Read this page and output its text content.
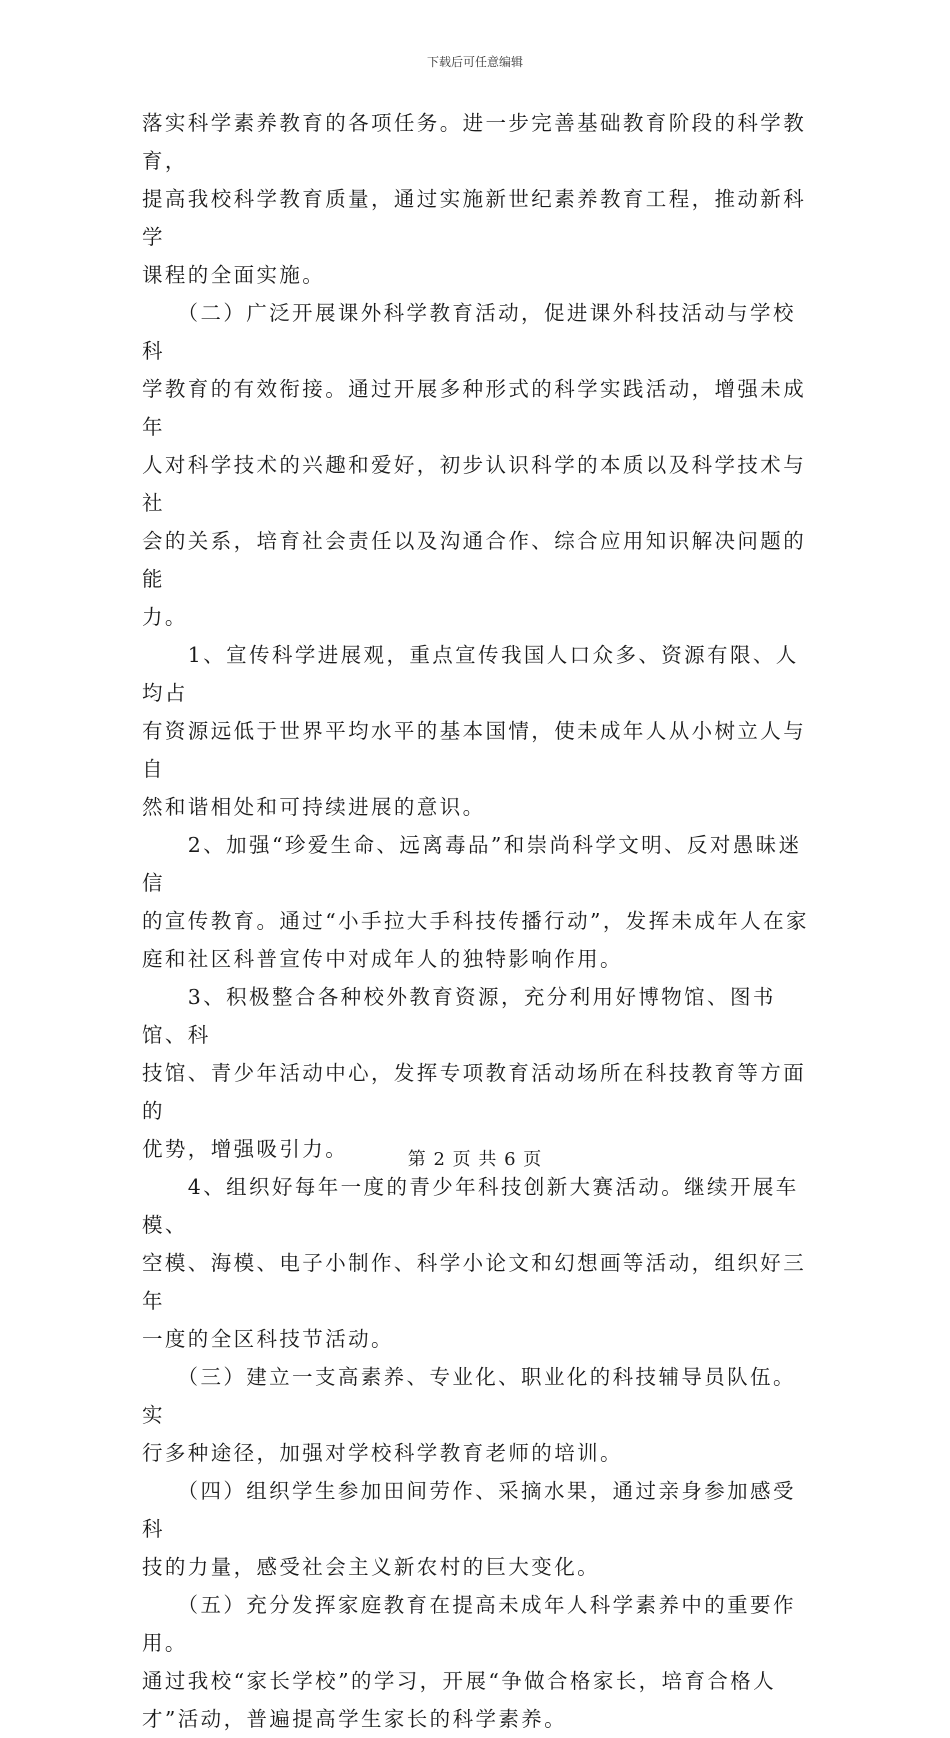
下载后可任意编辑

落实科学素养教育的各项任务。进一步完善基础教育阶段的科学教育，
提高我校科学教育质量，通过实施新世纪素养教育工程，推动新科学
课程的全面实施。

　　（二）广泛开展课外科学教育活动，促进课外科技活动与学校科
学教育的有效衔接。通过开展多种形式的科学实践活动，增强未成年
人对科学技术的兴趣和爱好，初步认识科学的本质以及科学技术与社
会的关系，培育社会责任以及沟通合作、综合应用知识解决问题的能
力。

　　1、宣传科学进展观，重点宣传我国人口众多、资源有限、人均占
有资源远低于世界平均水平的基本国情，使未成年人从小树立人与自
然和谐相处和可持续进展的意识。

　　2、加强“珍爱生命、远离毒品”和崇尚科学文明、反对愚昧迷信
的宣传教育。通过“小手拉大手科技传播行动”，发挥未成年人在家
庭和社区科普宣传中对成年人的独特影响作用。

　　3、积极整合各种校外教育资源，充分利用好博物馆、图书馆、科
技馆、青少年活动中心，发挥专项教育活动场所在科技教育等方面的
优势，增强吸引力。

　　4、组织好每年一度的青少年科技创新大赛活动。继续开展车模、
空模、海模、电子小制作、科学小论文和幻想画等活动，组织好三年
一度的全区科技节活动。

　　（三）建立一支高素养、专业化、职业化的科技辅导员队伍。实
行多种途径，加强对学校科学教育老师的培训。

　　（四）组织学生参加田间劳作、采摘水果，通过亲身参加感受科
技的力量，感受社会主义新农村的巨大变化。

　　（五）充分发挥家庭教育在提高未成年人科学素养中的重要作用。
通过我校“家长学校”的学习，开展“争做合格家长，培育合格人
才”活动，普遍提高学生家长的科学素养。

第 2 页 共 6 页
